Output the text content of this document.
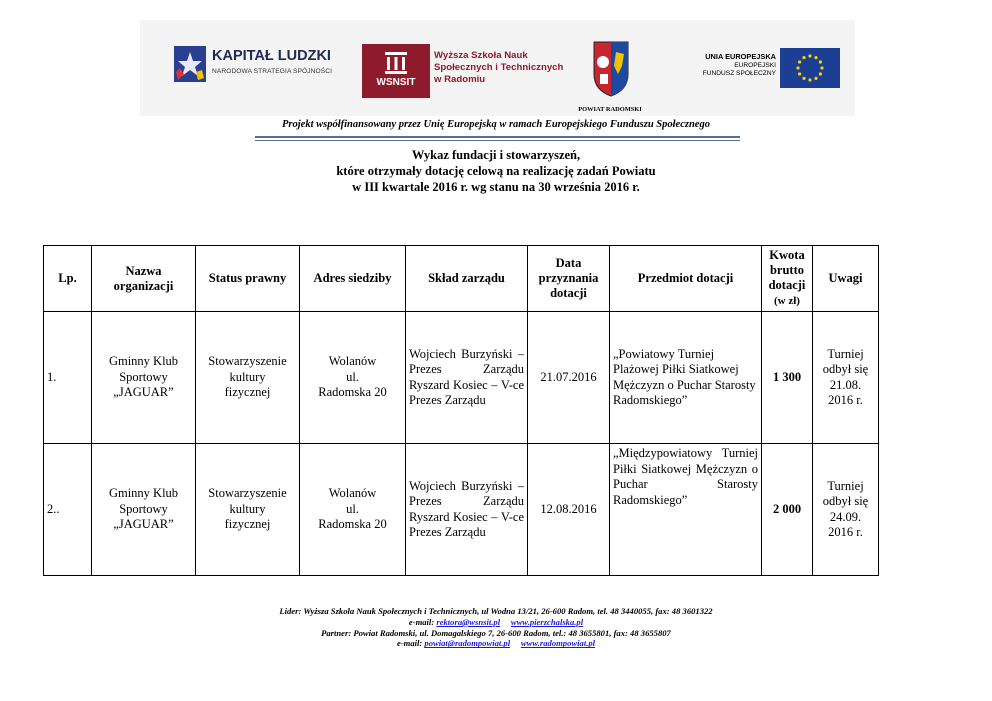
KAPITAŁ LUDZKI
NARODOWA STRATEGIA SPÓJNOŚCI
WSNSIT
Wyższa Szkoła Nauk
Społecznych i Technicznych
w Radomiu
POWIAT RADOMSKI
UNIA EUROPEJSKA
EUROPEJSKI
FUNDUSZ SPOŁECZNY
Projekt współfinansowany przez Unię Europejską w ramach Europejskiego Funduszu Społecznego
Wykaz fundacji i stowarzyszeń,
które otrzymały dotację celową na realizację zadań Powiatu
w III kwartale 2016 r. wg stanu na 30 września 2016 r.
Lp.	Nazwa
organizacji	Status prawny	Adres siedziby	Skład zarządu	Data
przyznania
dotacji	Przedmiot dotacji	Kwota
brutto
dotacji
(w zł)	Uwagi
1.	Gminny Klub
Sportowy
„JAGUAR”	Stowarzyszenie
kultury
fizycznej	Wolanów
ul.
Radomska 20	Wojciech Burzyński – Prezes Zarządu Ryszard Kosiec – V-ce Prezes Zarządu	21.07.2016	„Powiatowy Turniej Plażowej Piłki Siatkowej Mężczyzn o Puchar Starosty Radomskiego”	1 300	Turniej
odbył się
21.08.
2016 r.
2..	Gminny Klub
Sportowy
„JAGUAR”	Stowarzyszenie
kultury
fizycznej	Wolanów
ul.
Radomska 20	Wojciech Burzyński – Prezes Zarządu Ryszard Kosiec – V-ce Prezes Zarządu	12.08.2016	„Międzypowiatowy Turniej Piłki Siatkowej Mężczyzn o Puchar Starosty Radomskiego”	2 000	Turniej
odbył się
24.09.
2016 r.
Lider: Wyższa Szkoła Nauk Społecznych i Technicznych, ul Wodna 13/21, 26-600 Radom, tel. 48 3440055, fax: 48 3601322
e-mail: rektora@wsnsit.pl www.pierzchalska.pl
Partner: Powiat Radomski, ul. Domagalskiego 7, 26-600 Radom, tel.: 48 3655801, fax: 48 3655807
e-mail: powiat@radompowiat.pl www.radompowiat.pl
